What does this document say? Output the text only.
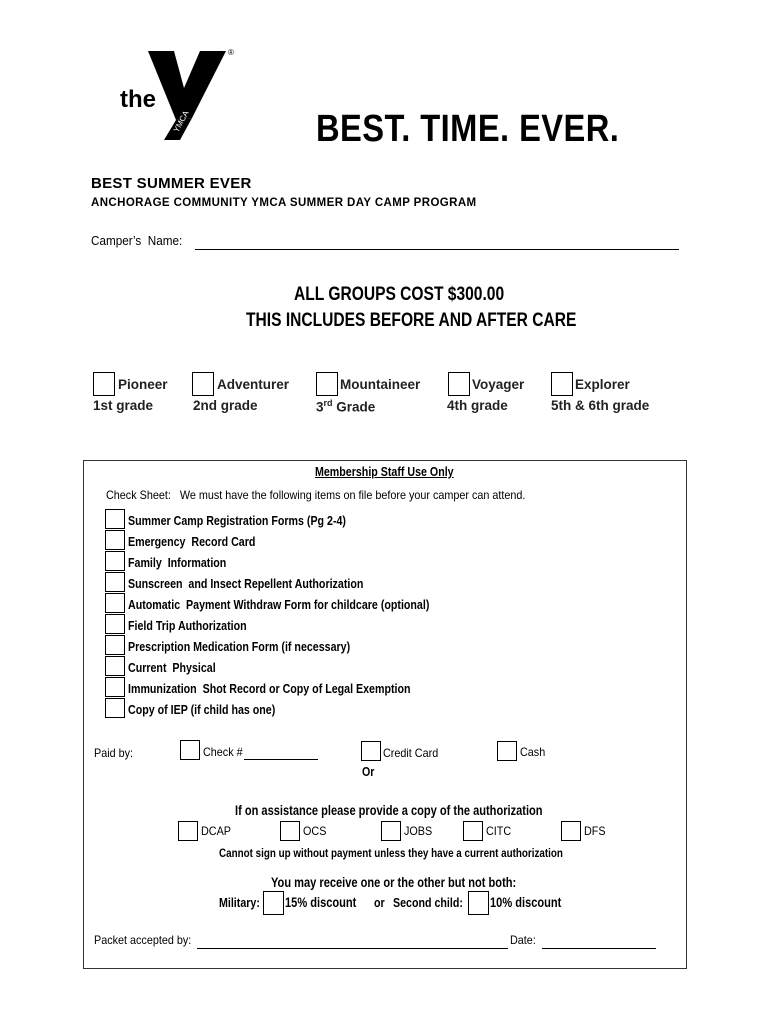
YMCA
the
®
BEST. TIME. EVER.
BEST SUMMER EVER
ANCHORAGE COMMUNITY YMCA SUMMER DAY CAMP PROGRAM
Camper’s  Name:
ALL GROUPS COST $300.00
THIS INCLUDES BEFORE AND AFTER CARE
Pioneer
1st grade
Adventurer
2nd grade
Mountaineer
3rd Grade
Voyager
4th grade
Explorer
5th & 6th grade
Membership Staff Use Only
Check Sheet:   We must have the following items on file before your camper can attend.
Summer Camp Registration Forms (Pg 2-4)
Emergency  Record Card
Family  Information
Sunscreen  and Insect Repellent Authorization
Automatic  Payment Withdraw Form for childcare (optional)
Field Trip Authorization
Prescription Medication Form (if necessary)
Current  Physical
Immunization  Shot Record or Copy of Legal Exemption
Copy of IEP (if child has one)
Paid by:	Check #	Credit Card
Or
Cash
If on assistance please provide a copy of the authorization
DCAP	OCS	JOBS	CITC	DFS
Cannot sign up without payment unless they have a current authorization
You may receive one or the other but not both:
Military: 15% discount or Second child: 10% discount
Packet accepted by:	Date:
